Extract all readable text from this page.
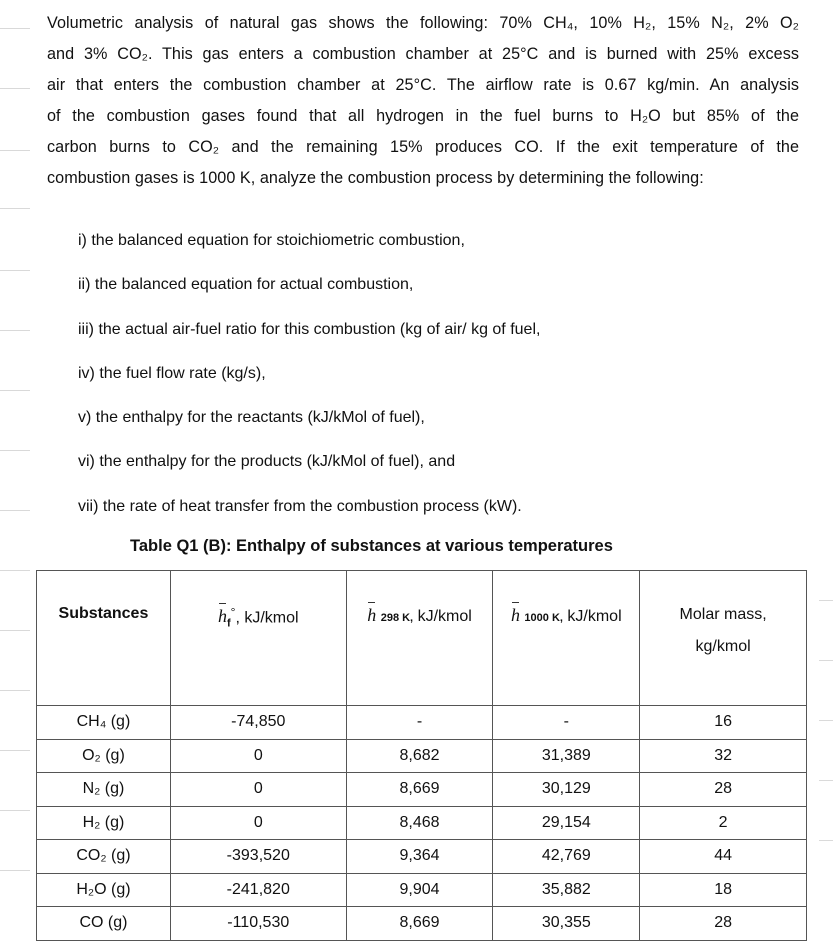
Volumetric analysis of natural gas shows the following: 70% CH₄, 10% H₂, 15% N₂, 2% O₂
and 3% CO₂. This gas enters a combustion chamber at 25°C and is burned with 25% excess
air that enters the combustion chamber at 25°C. The airflow rate is 0.67 kg/min. An analysis
of the combustion gases found that all hydrogen in the fuel burns to H₂O but 85% of the
carbon burns to CO₂ and the remaining 15% produces CO. If the exit temperature of the
combustion gases is 1000 K, analyze the combustion process by determining the following:
i) the balanced equation for stoichiometric combustion,
ii) the balanced equation for actual combustion,
iii) the actual air-fuel ratio for this combustion (kg of air/ kg of fuel,
iv) the fuel flow rate (kg/s),
v) the enthalpy for the reactants (kJ/kMol of fuel),
vi) the enthalpy for the products (kJ/kMol of fuel), and
vii) the rate of heat transfer from the combustion process (kW).
Table Q1 (B): Enthalpy of substances at various temperatures
Substances	$h_f^\circ$, kJ/kmol	h 298 K, kJ/kmol	h 1000 K, kJ/kmol	Molar mass,
kg/kmol

CH₄ (g)	-74,850	-	-	16
O₂ (g)	0	8,682	31,389	32
N₂ (g)	0	8,669	30,129	28
H₂ (g)	0	8,468	29,154	2
CO₂ (g)	-393,520	9,364	42,769	44
H₂O (g)	-241,820	9,904	35,882	18
CO (g)	-110,530	8,669	30,355	28
